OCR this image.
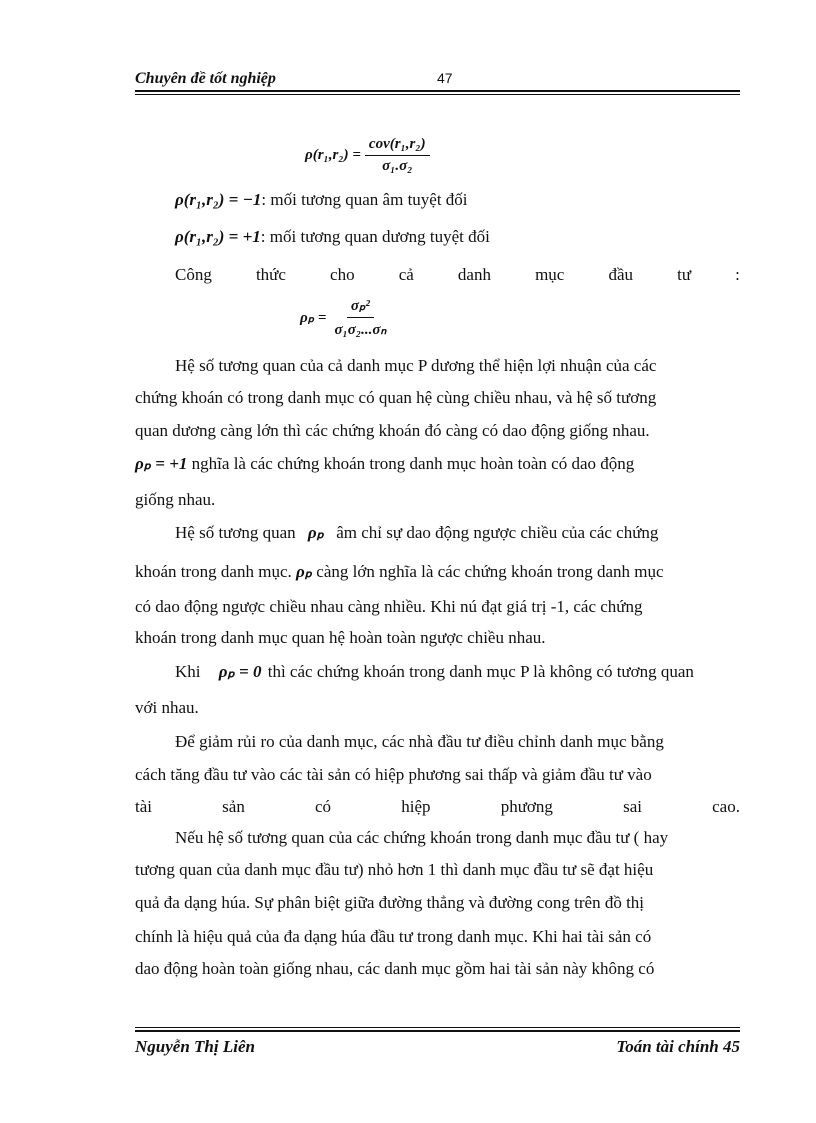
Chuyên đề tốt nghiệp	47
$\rho(r_1,r_2) = \frac{\text{cov(r₁,r₂)}}{\text{σ₁.σ₂}}$
ρ(r₁,r₂) = −1: mối tương quan âm tuyệt đối
ρ(r₁,r₂) = +1: mối tương quan dương tuyệt đối
Công	thức	cho	cả	danh	mục	đầu	tư	:
$\rho_p = \frac{\text{σₚ²}}{\text{σ₁σ₂...σₙ}}$
Hệ số tương quan của cả danh mục P dương thể hiện lợi nhuận của các
chứng khoán có trong danh mục có quan hệ cùng chiều nhau, và hệ số tương
quan dương càng lớn thì các chứng khoán đó càng có dao động giống nhau.
ρₚ = +1 nghĩa là các chứng khoán trong danh mục hoàn toàn có dao động
giống nhau.
Hệ số tương quan ρₚ âm chỉ sự dao động ngược chiều của các chứng
khoán trong danh mục. ρₚ càng lớn nghĩa là các chứng khoán trong danh mục
có dao động ngược chiều nhau càng nhiều. Khi nú đạt giá trị -1, các chứng
khoán trong danh mục quan hệ hoàn toàn ngược chiều nhau.
Khi ρₚ = 0 thì các chứng khoán trong danh mục P là không có tương quan
với nhau.
Để giảm rủi ro của danh mục, các nhà đầu tư điều chỉnh danh mục bằng
cách tăng đầu tư vào các tài sản có hiệp phương sai thấp và giảm đầu tư vào
tài	sản	có	hiệp	phương	sai	cao.
Nếu hệ số tương quan của các chứng khoán trong danh mục đầu tư ( hay
tương quan của danh mục đầu tư) nhỏ hơn 1 thì danh mục đầu tư sẽ đạt hiệu
quả đa dạng húa. Sự phân biệt giữa đường thẳng và đường cong trên đồ thị
chính là hiệu quả của đa dạng húa đầu tư trong danh mục. Khi hai tài sản có
dao động hoàn toàn giống nhau, các danh mục gồm hai tài sản này không có
Nguyễn Thị Liên	Toán tài chính 45
